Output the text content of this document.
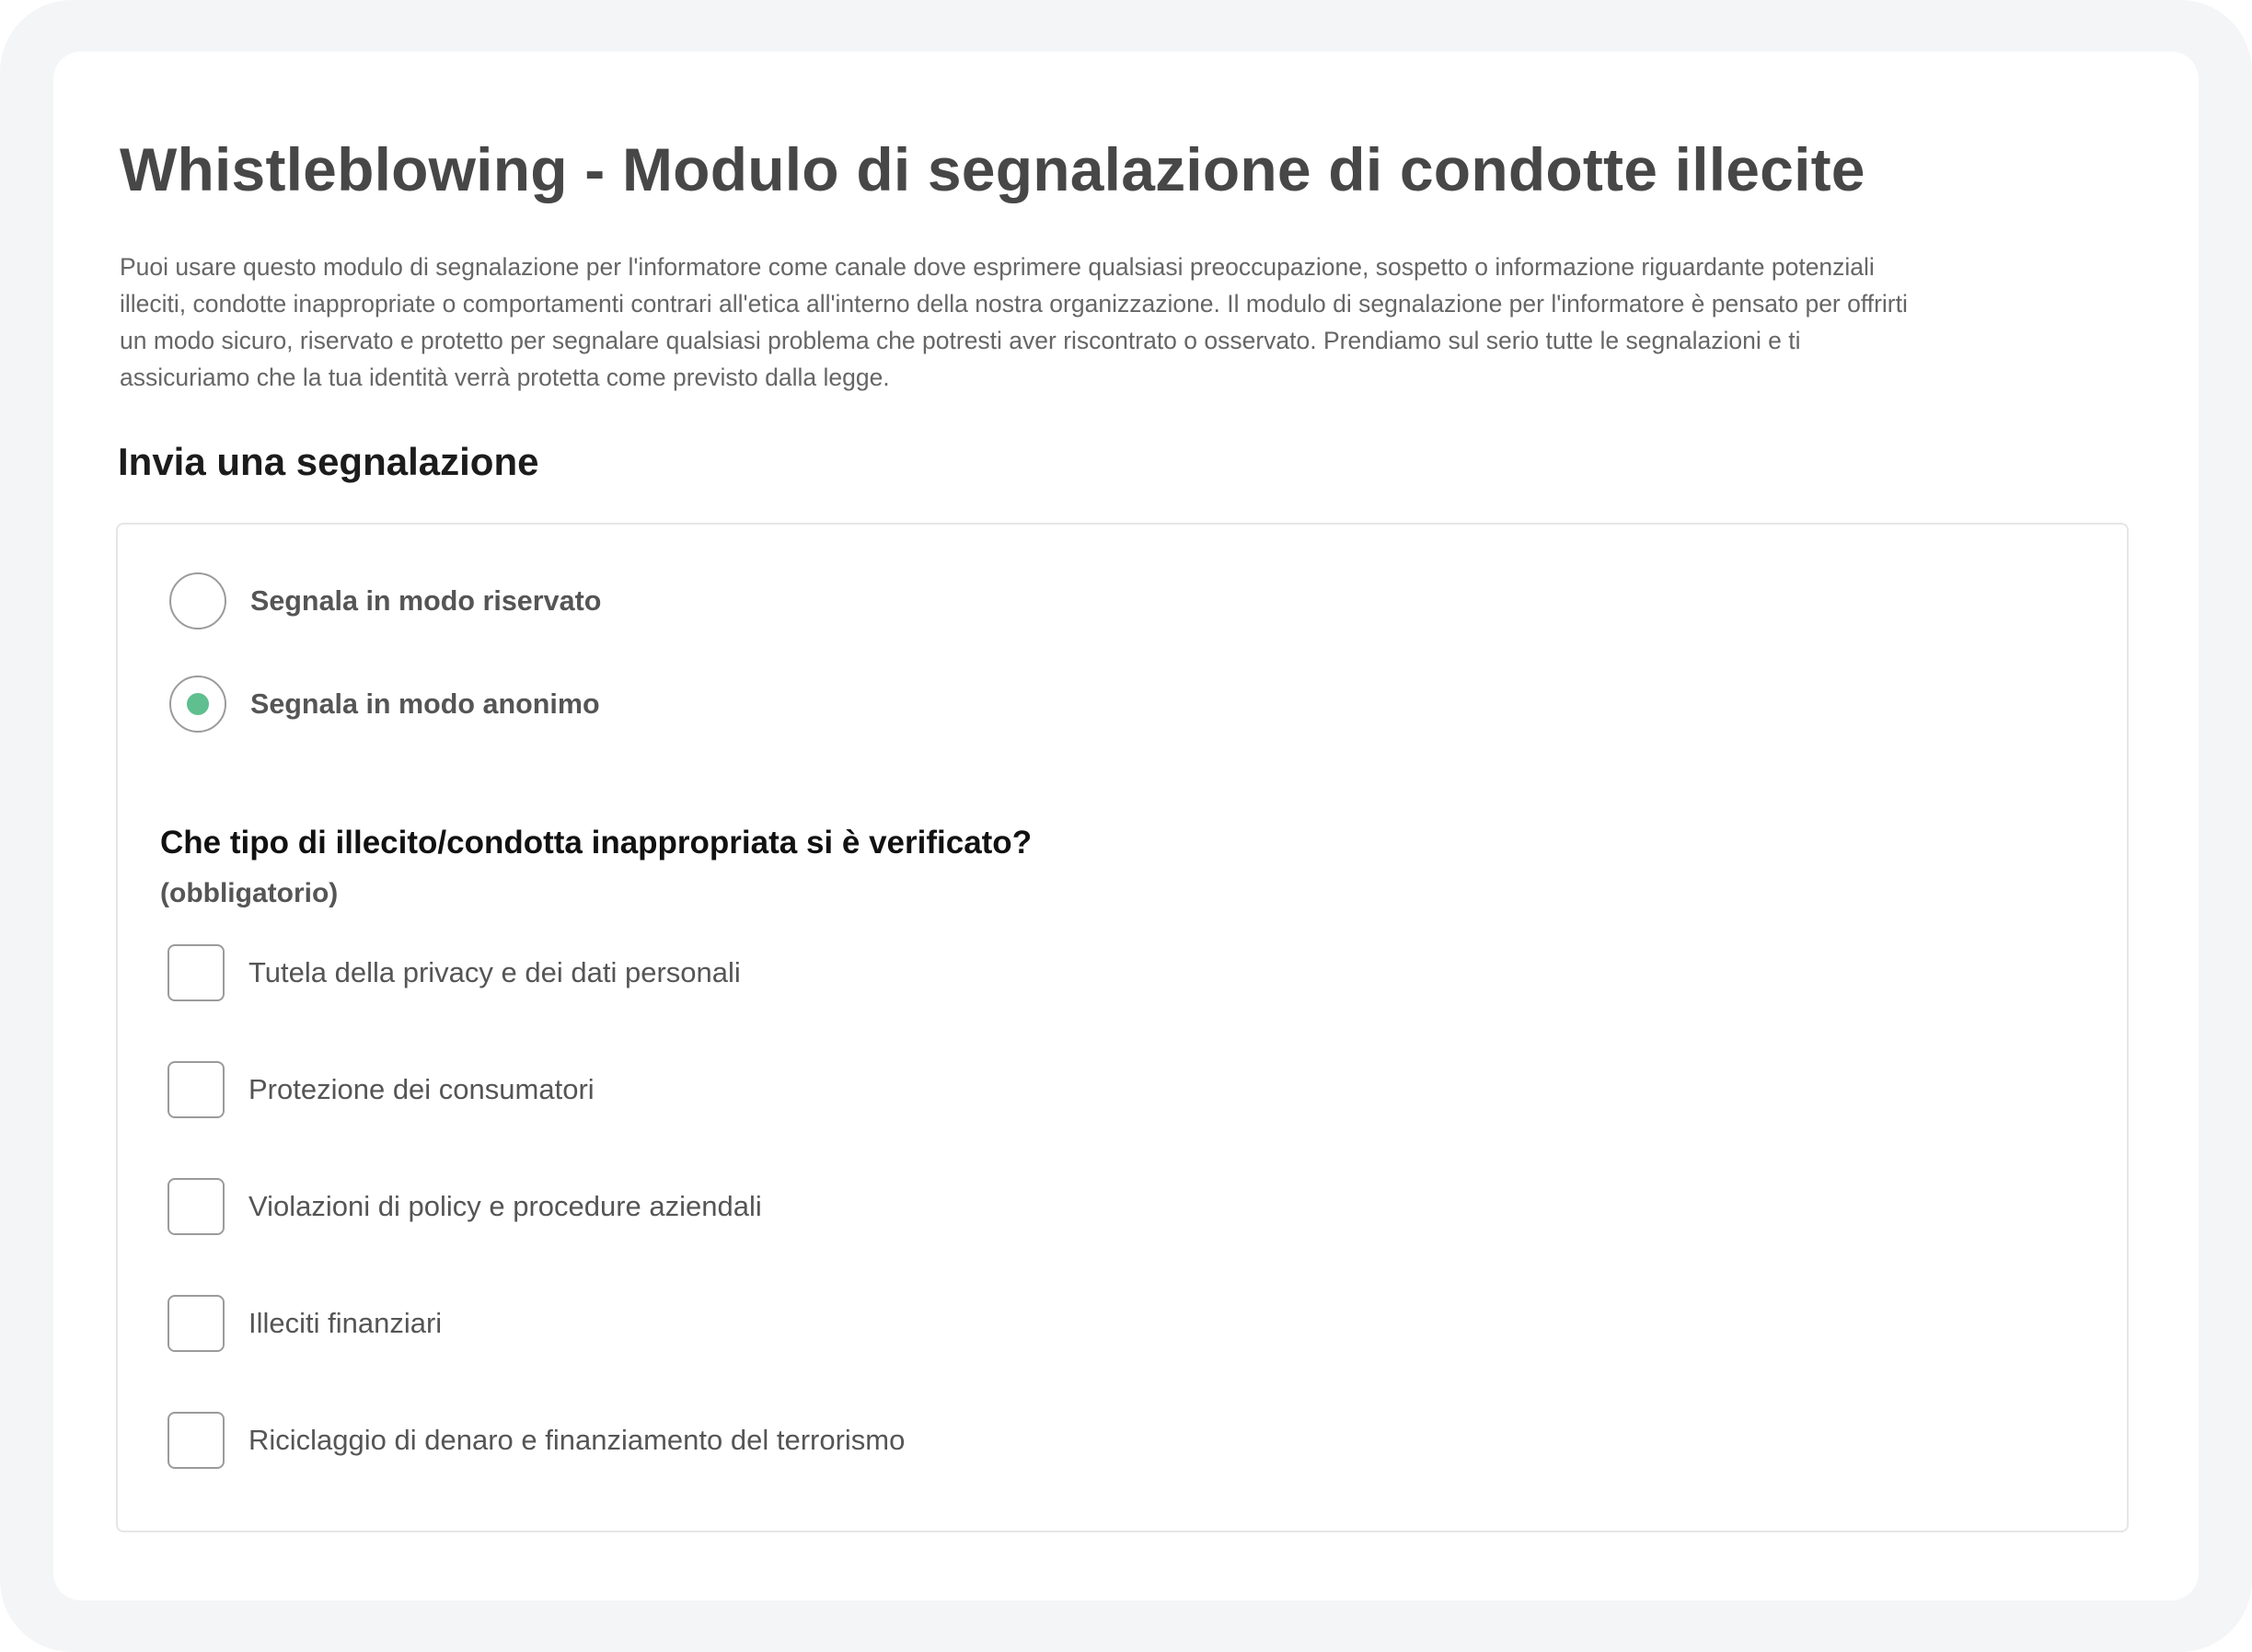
Whistleblowing - Modulo di segnalazione di condotte illecite

Puoi usare questo modulo di segnalazione per l'informatore come canale dove esprimere qualsiasi preoccupazione, sospetto o informazione riguardante potenziali illeciti, condotte inappropriate o comportamenti contrari all'etica all'interno della nostra organizzazione. Il modulo di segnalazione per l'informatore è pensato per offrirti un modo sicuro, riservato e protetto per segnalare qualsiasi problema che potresti aver riscontrato o osservato. Prendiamo sul serio tutte le segnalazioni e ti assicuriamo che la tua identità verrà protetta come previsto dalla legge.

Invia una segnalazione
Segnala in modo riservato
Segnala in modo anonimo
Che tipo di illecito/condotta inappropriata si è verificato?
(obbligatorio)
Tutela della privacy e dei dati personali
Protezione dei consumatori
Violazioni di policy e procedure aziendali
Illeciti finanziari
Riciclaggio di denaro e finanziamento del terrorismo
